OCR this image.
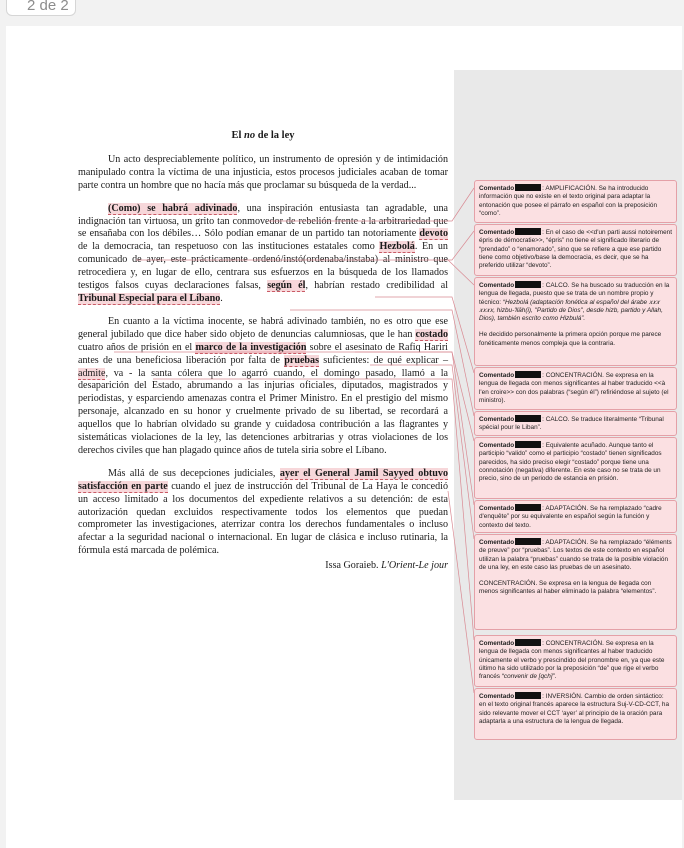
2 de 2
El no de la ley

Un acto despreciablemente político, un instrumento de opresión y de intimidación manipulado contra la víctima de una injusticia, estos procesos judiciales acaban de tomar parte contra un hombre que no hacía más que proclamar su búsqueda de la verdad...

(Como) se habrá adivinado, una inspiración entusiasta tan agradable, una indignación tan virtuosa, un grito tan conmovedor de rebelión frente a la arbitrariedad que se ensañaba con los débiles… Sólo podían emanar de un partido tan notoriamente devoto de la democracia, tan respetuoso con las instituciones estatales como Hezbolá. En un comunicado de ayer, este prácticamente ordenó/instó(ordenaba/instaba) al ministro que retrocediera y, en lugar de ello, centrara sus esfuerzos en la búsqueda de los llamados testigos falsos cuyas declaraciones falsas, según él, habrían restado credibilidad al Tribunal Especial para el Líbano.

En cuanto a la víctima inocente, se habrá adivinado también, no es otro que ese general jubilado que dice haber sido objeto de denuncias calumniosas, que le han costado cuatro años de prisión en el marco de la investigación sobre el asesinato de Rafiq Hariri antes de una beneficiosa liberación por falta de pruebas suficientes: de qué explicar – admite, va - la santa cólera que lo agarró cuando, el domingo pasado, llamó a la desaparición del Estado, abrumando a las injurias oficiales, diputados, magistrados y periodistas, y esparciendo amenazas contra el Primer Ministro. En el prestigio del mismo personaje, alcanzado en su honor y cruelmente privado de su libertad, se recordará a aquellos que lo habrían olvidado su grande y cuidadosa contribución a las flagrantes y sistemáticas violaciones de la ley, las detenciones arbitrarias y otras violaciones de los derechos civiles que han plagado quince años de tutela siria sobre el Líbano.

Más allá de sus decepciones judiciales, ayer el General Jamil Sayyed obtuvo satisfacción en parte cuando el juez de instrucción del Tribunal de La Haya le concedió un acceso limitado a los documentos del expediente relativos a su detención: de esta autorización quedan excluidos respectivamente todos los elementos que puedan comprometer las investigaciones, aterrizar contra los derechos fundamentales o incluso afectar a la seguridad nacional o internacional. En lugar de clásica e incluso rutinaria, la fórmula está marcada de polémica.

Issa Goraieb. L'Orient-Le jour
Comentado	: AMPLIFICACIÓN. Se ha introducido información que no existe en el texto original para adaptar la entonación que posee el párrafo en español con la preposición “como”.
Comentado	: En el caso de <<d'un parti aussi notoirement épris de démocratie>>, “épris” no tiene el significado literario de “prendado” o “enamorado”, sino que se refiere a que ese partido tiene como objetivo/base la democracia, es decir, que se ha preferido utilizar “devoto”.
Comentado	: CALCO. Se ha buscado su traducción en la lengua de llegada, puesto que se trata de un nombre propio y técnico: “Hezbolá (adaptación fonética al español del árabe 𝑥𝑥𝑥 𝑥𝑥𝑥𝑥, hizbu-'llāh(i), "Partido de Dios", desde hizb, partido y Allah, Dios), también escrito como Hizbulá”.
He decidido personalmente la primera opción porque me parece fonéticamente menos compleja que la contraria.
Comentado	: CONCENTRACIÓN. Se expresa en la lengua de llegada con menos significantes al haber traducido <<à l'en croire>> con dos palabras (“según él”) refiriéndose al sujeto (el ministro).
Comentado	: CALCO. Se traduce literalmente “Tribunal spécial pour le Liban”.
Comentado	: Equivalente acuñado. Aunque tanto el participio “valido” como el participio “costado” tienen significados parecidos, ha sido preciso elegir “costado” porque tiene una connotación (negativa) diferente. En este caso no se trata de un precio, sino de un periodo de estancia en prisión.
Comentado	: ADAPTACIÓN. Se ha remplazado “cadre d'enquête” por su equivalente en español según la función y contexto del texto.
Comentado	: ADAPTACIÓN. Se ha remplazado “éléments de preuve” por “pruebas”. Los textos de este contexto en español utilizan la palabra “pruebas” cuando se trata de la posible violación de una ley, en este caso las pruebas de un asesinato.
CONCENTRACIÓN. Se expresa en la lengua de llegada con menos significantes al haber eliminado la palabra “elementos”.
Comentado	: CONCENTRACIÓN. Se expresa en la lengua de llegada con menos significantes al haber traducido únicamente el verbo y prescindido del pronombre en, ya que este último ha sido utilizado por la preposición “de” que rige el verbo francés “convenir de [qch]”.
Comentado	: INVERSIÓN. Cambio de orden sintáctico: en el texto original francés aparece la estructura Suj-V-CD-CCT, ha sido relevante mover el CCT ‘ayer’ al principio de la oración para adaptarla a una estructura de la lengua de llegada.
